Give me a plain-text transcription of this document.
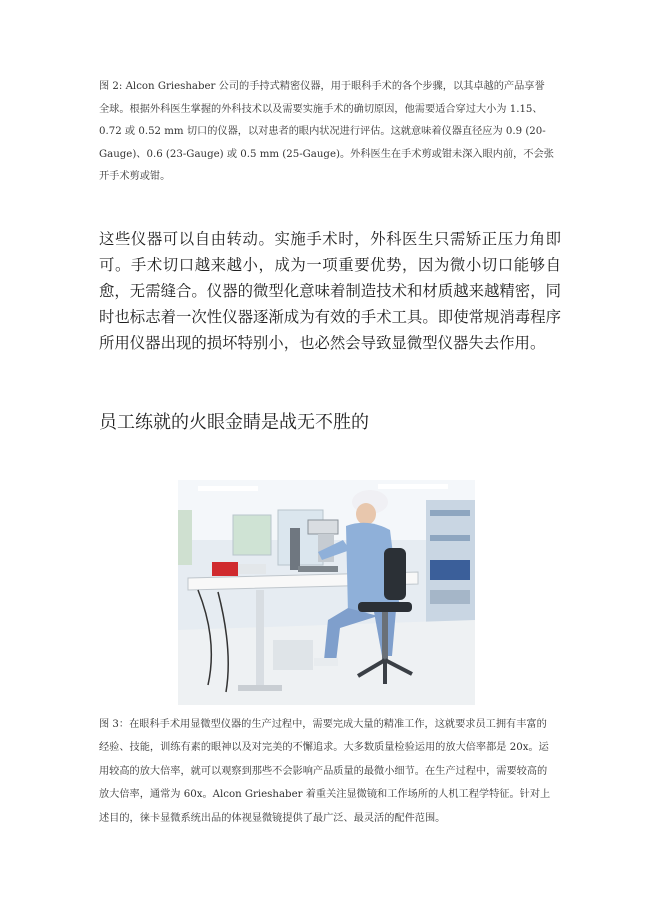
图 2: Alcon Grieshaber 公司的手持式精密仪器，用于眼科手术的各个步骤，以其卓越的产品享誉全球。根据外科医生掌握的外科技术以及需要实施手术的确切原因，他需要适合穿过大小为 1.15、0.72 或 0.52 mm 切口的仪器，以对患者的眼内状况进行评估。这就意味着仪器直径应为 0.9 (20-Gauge)、0.6 (23-Gauge) 或 0.5 mm (25-Gauge)。外科医生在手术剪或钳未深入眼内前，不会张开手术剪或钳。
这些仪器可以自由转动。实施手术时，外科医生只需矫正压力角即可。手术切口越来越小，成为一项重要优势，因为微小切口能够自愈，无需缝合。仪器的微型化意味着制造技术和材质越来越精密，同时也标志着一次性仪器逐渐成为有效的手术工具。即使常规消毒程序所用仪器出现的损坏特别小，也必然会导致显微型仪器失去作用。
员工练就的火眼金睛是战无不胜的
图 3：在眼科手术用显微型仪器的生产过程中，需要完成大量的精准工作，这就要求员工拥有丰富的经验、技能，训练有素的眼神以及对完美的不懈追求。大多数质量检验运用的放大倍率都是 20x。运用较高的放大倍率，就可以观察到那些不会影响产品质量的最微小细节。在生产过程中，需要较高的放大倍率，通常为 60x。Alcon Grieshaber 着重关注显微镜和工作场所的人机工程学特征。针对上述目的，徕卡显微系统出品的体视显微镜提供了最广泛、最灵活的配件范围。
